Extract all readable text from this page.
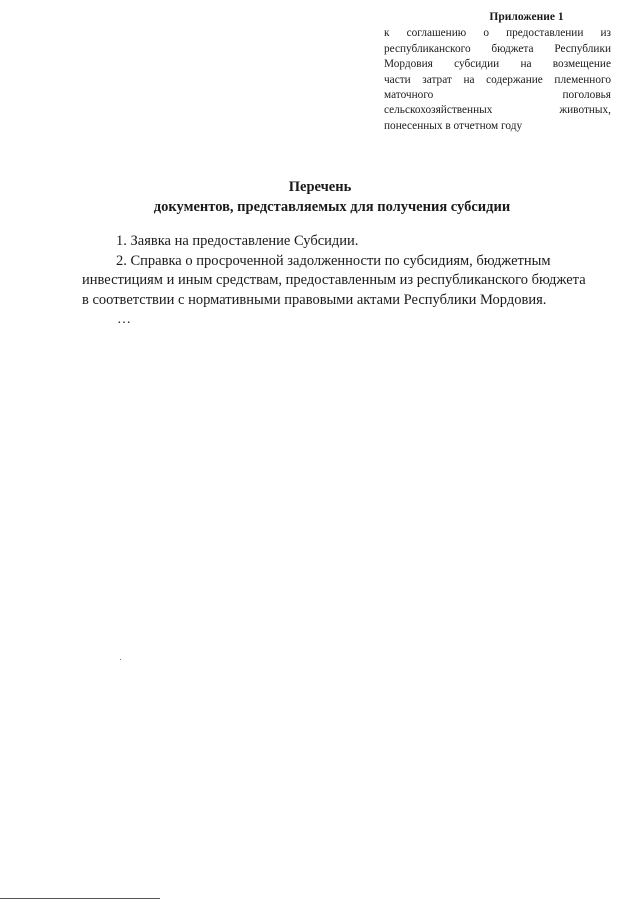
Приложение 1
к соглашению о предоставлении из
республиканского бюджета Республики
Мордовия субсидии на возмещение
части затрат на содержание племенного
маточного поголовья
сельскохозяйственных животных,
понесенных в отчетном году
Перечень
документов, представляемых для получения субсидии

1. Заявка на предоставление Субсидии.

2. Справка о просроченной задолженности по субсидиям, бюджетным

инвестициям и иным средствам, предоставленным из республиканского бюджета

в соответствии с нормативными правовыми актами Республики Мордовия.

…
